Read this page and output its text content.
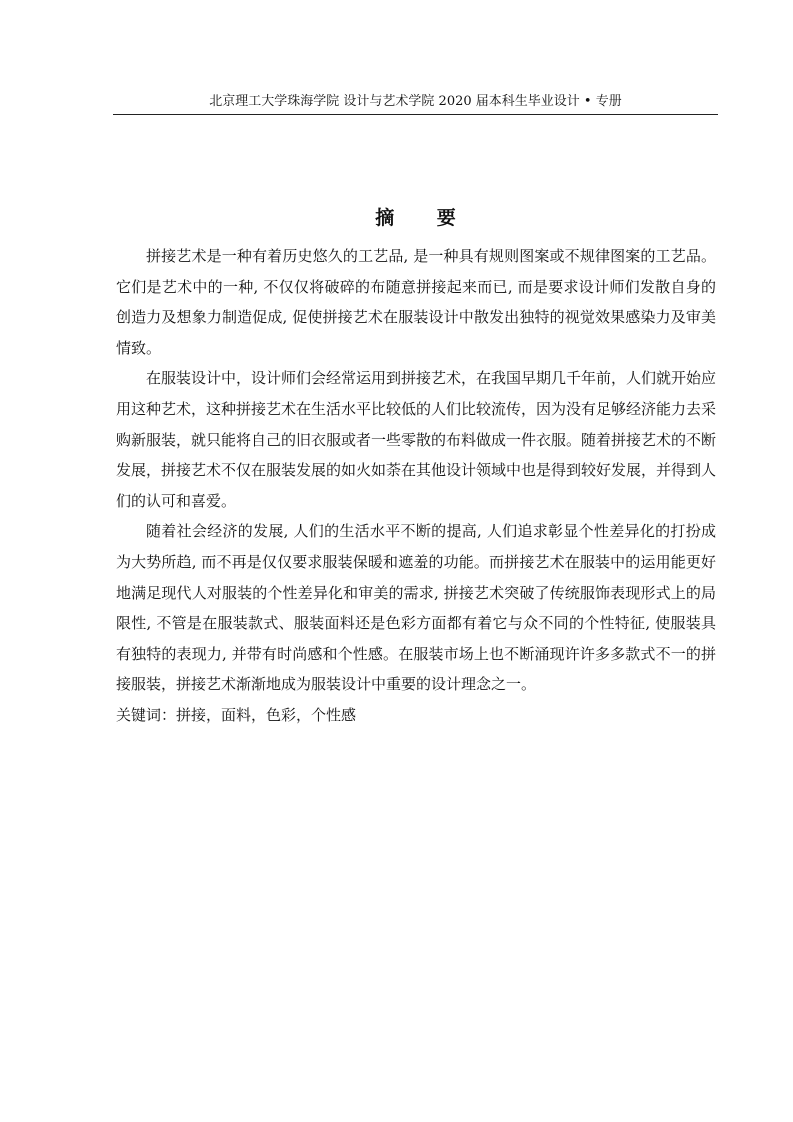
北京理工大学珠海学院 设计与艺术学院 2020 届本科生毕业设计 • 专册
摘 要

拼接艺术是一种有着历史悠久的工艺品, 是一种具有规则图案或不规律图案的工艺品。它们是艺术中的一种, 不仅仅将破碎的布随意拼接起来而已, 而是要求设计师们发散自身的创造力及想象力制造促成, 促使拼接艺术在服装设计中散发出独特的视觉效果感染力及审美情致。

在服装设计中，设计师们会经常运用到拼接艺术，在我国早期几千年前，人们就开始应用这种艺术，这种拼接艺术在生活水平比较低的人们比较流传，因为没有足够经济能力去采购新服装，就只能将自己的旧衣服或者一些零散的布料做成一件衣服。随着拼接艺术的不断发展，拼接艺术不仅在服装发展的如火如荼在其他设计领域中也是得到较好发展，并得到人们的认可和喜爱。

随着社会经济的发展, 人们的生活水平不断的提高, 人们追求彰显个性差异化的打扮成为大势所趋, 而不再是仅仅要求服装保暖和遮羞的功能。而拼接艺术在服装中的运用能更好地满足现代人对服装的个性差异化和审美的需求, 拼接艺术突破了传统服饰表现形式上的局限性, 不管是在服装款式、服装面料还是色彩方面都有着它与众不同的个性特征, 使服装具有独特的表现力, 并带有时尚感和个性感。在服装市场上也不断涌现许许多多款式不一的拼接服装，拼接艺术渐渐地成为服装设计中重要的设计理念之一。

关键词：拼接，面料，色彩，个性感
